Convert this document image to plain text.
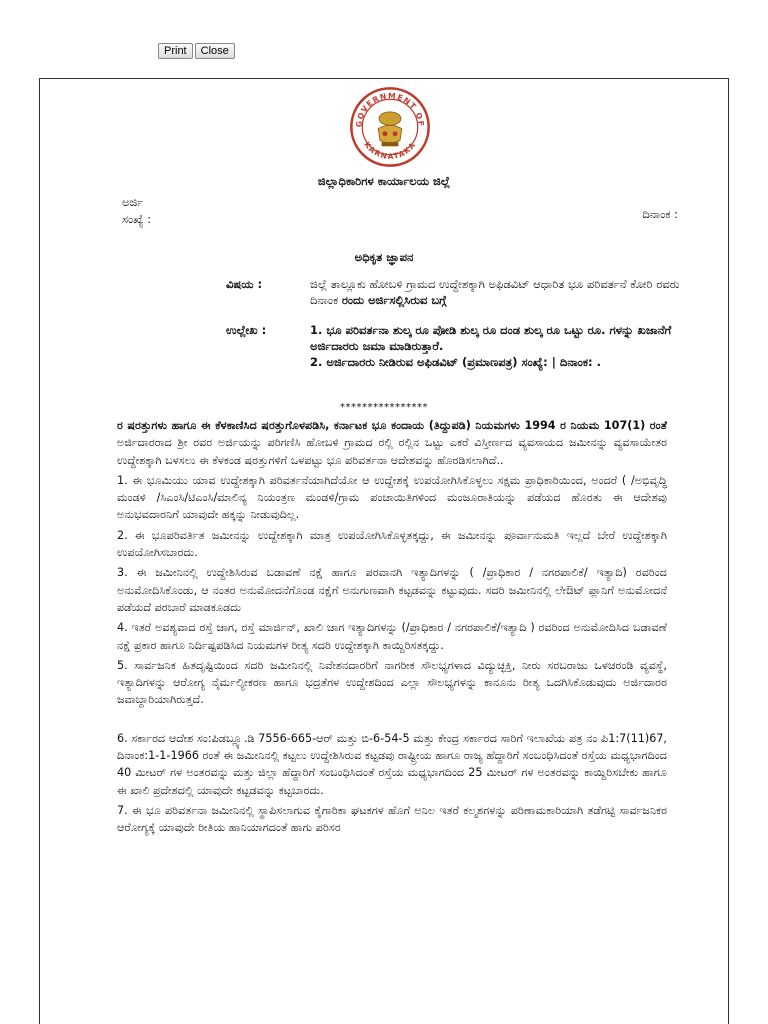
Print	Close
GOVERNMENT OF
KARNATAKA
ಜಿಲ್ಲಾಧಿಕಾರಿಗಳ ಕಾರ್ಯಾಲಯ ಜಿಲ್ಲೆ
ಅರ್ಜಿ ಸಂಖ್ಯೆ :	ದಿನಾಂಕ :
ಅಧಿಕೃತ ಜ್ಞಾಪನ
ವಿಷಯ :	ಜಿಲ್ಲೆ ತಾಲ್ಲೂಕು ಹೋಬಳಿ ಗ್ರಾಮದ ಉದ್ದೇಶಕ್ಕಾಗಿ ಅಫಿಡವಿಟ್ ಆಧಾರಿತ ಭೂ ಪರಿವರ್ತನೆ ಕೋರಿ ರವರು ದಿನಾಂಕ ರಂದು ಅರ್ಜಿಸಲ್ಲಿಸಿರುವ ಬಗ್ಗೆ
ಉಲ್ಲೇಖ :	1. ಭೂ ಪರಿವರ್ತನಾ ಶುಲ್ಕ ರೂ ಪೋಡಿ ಶುಲ್ಕ ರೂ ದಂಡ ಶುಲ್ಕ ರೂ ಒಟ್ಟು ರೂ. ಗಳನ್ನು ಖಜಾನೆಗೆ ಅರ್ಜಿದಾರರು ಜಮಾ ಮಾಡಿರುತ್ತಾರೆ.
2. ಅರ್ಜಿದಾರರು ನೀಡಿರುವ ಅಫಿಡವಿಟ್ (ಪ್ರಮಾಣಪತ್ರ) ಸಂಖ್ಯೆ: | ದಿನಾಂಕ: .
****************

ರ ಷರತ್ತುಗಳು ಹಾಗೂ ಈ ಕೆಳಕಾಣಿಸಿದ ಷರತ್ತುಗೊಳಪಡಿಸಿ, ಕರ್ನಾಟಕ ಭೂ ಕಂದಾಯ (ತಿದ್ದುಪಡಿ) ನಿಯಮಗಳು 1994 ರ ನಿಯಮ 107(1) ರಂತೆ ಅರ್ಜಿದಾರರಾದ ಶ್ರೀ ರವರ ಅರ್ಜಿಯನ್ನು ಪರಿಗಣಿಸಿ ಹೋಬಳಿ ಗ್ರಾಮದ ರಲ್ಲಿ ರಲ್ಲಿನ ಒಟ್ಟು ಎಕರೆ ವಿಸ್ತೀರ್ಣದ ವ್ಯವಸಾಯದ ಜಮೀನನ್ನು ವ್ಯವಸಾಯೇತರ ಉದ್ದೇಶಕ್ಕಾಗಿ ಬಳಸಲು ಈ ಕೆಳಕಂಡ ಷರತ್ತುಗಳಿಗೆ ಒಳಪಟ್ಟು ಭೂ ಪರಿವರ್ತನಾ ಆದೇಶವನ್ನು ಹೊರಡಿಸಲಾಗಿದೆ..

1. ಈ ಭೂಮಿಯು ಯಾವ ಉದ್ದೇಶಕ್ಕಾಗಿ ಪರಿವರ್ತನೆಯಾಗಿದೆಯೋ ಆ ಉದ್ದೇಶಕ್ಕೆ ಉಪಯೋಗಿಸಿಕೊಳ್ಳಲು ಸಕ್ಷಮ ಪ್ರಾಧಿಕಾರಿಯಿಂದ, ಅಂದರೆ ( /ಅಭಿವೃದ್ಧಿ ಮಂಡಳಿ /ಸಿಎಂಸಿ/ಟಿಎಂಸಿ/ಮಾಲಿನ್ಯ ನಿಯಂತ್ರಣ ಮಂಡಳಿ/ಗ್ರಾಮ ಪಂಚಾಯಿತಿಗಳಿಂದ ಮಂಜೂರಾತಿಯನ್ನು ಪಡೆಯದ ಹೊರತು ಈ ಆದೇಶವು ಅನುಭವದಾರನಿಗೆ ಯಾವುದೇ ಹಕ್ಕನ್ನು ನೀಡುವುದಿಲ್ಲ.

2. ಈ ಭೂಪರಿವರ್ತಿತ ಜಮೀನನ್ನು ಉದ್ದೇಶಕ್ಕಾಗಿ ಮಾತ್ರ ಉಪಯೋಗಿಸಿಕೊಳ್ಳತಕ್ಕದ್ದು, ಈ ಜಮೀನನ್ನು ಪೂರ್ವಾನುಮತಿ ಇಲ್ಲದೆ ಬೇರೆ ಉದ್ದೇಶಕ್ಕಾಗಿ ಉಪಯೋಗಿಸಬಾರದು.

3. ಈ ಜಮೀನಿನಲ್ಲಿ ಉದ್ದೇಶಿಸಿರುವ ಬಡಾವಣೆ ನಕ್ಷೆ ಹಾಗೂ ಪರವಾನಗಿ ಇತ್ಯಾದಿಗಳನ್ನು ( /ಪ್ರಾಧಿಕಾರ / ನಗರಪಾಲಿಕೆ/ ಇತ್ಯಾದಿ) ರವರಿಂದ ಅನುಮೋದಿಸಿಕೊಂಡು, ಆ ನಂತರ ಅನುಮೋದನೆಗೊಂಡ ನಕ್ಷೆಗೆ ಅನುಗುಣವಾಗಿ ಕಟ್ಟಡವನ್ನು ಕಟ್ಟುವುದು. ಸದರಿ ಜಮೀನಿನಲ್ಲಿ ಲೇಔಟ್ ಪ್ಲಾನಿಗೆ ಅನುಮೋದನೆ ಪಡೆಯದೆ ಪರಬಾರೆ ಮಾಡಕೂಡದು

4. ಇತರೆ ಅವಶ್ಯವಾದ ರಸ್ತೆ ಜಾಗ, ರಸ್ತೆ ಮಾರ್ಜಿನ್, ಖಾಲಿ ಜಾಗ ಇತ್ಯಾದಿಗಳನ್ನು (/ಪ್ರಾಧಿಕಾರ / ನಗರಪಾಲಿಕೆ/ಇತ್ಯಾದಿ ) ರವರಿಂದ ಅನುಮೋದಿಸಿದ ಬಡಾವಣೆ ನಕ್ಷೆ ಪ್ರಕಾರ ಹಾಗೂ ನಿರ್ದಿಷ್ಟಪಡಿಸಿದ ನಿಯಮಗಳ ರೀತ್ಯ ಸದರಿ ಉದ್ದೇಶಕ್ಕಾಗಿ ಕಾಯ್ದಿರಿಸತಕ್ಕದ್ದು.

5. ಸಾರ್ವಜನಿಕ ಹಿತದೃಷ್ಟಿಯಿಂದ ಸದರಿ ಜಮೀನಿನಲ್ಲಿ ನಿವೇಶನದಾರರಿಗೆ ನಾಗರೀಕ ಸೌಲಭ್ಯಗಳಾದ ವಿದ್ಯುಚ್ಛಕ್ತಿ, ನೀರು ಸರಬರಾಜು ಒಳಚರಂಡಿ ವ್ಯವಸ್ಥೆ, ಇತ್ಯಾದಿಗಳನ್ನು ಆರೋಗ್ಯ ನೈರ್ಮಲ್ಯೀಕರಣ ಹಾಗೂ ಭದ್ರತೆಗಳ ಉದ್ದೇಶದಿಂದ ಎಲ್ಲಾ ಸೌಲಭ್ಯಗಳನ್ನು ಕಾನೂನು ರೀತ್ಯ ಒದಗಿಸಿಕೊಡುವುದು ಅರ್ಜಿದಾರರ ಜವಾಬ್ದಾರಿಯಾಗಿರುತ್ತದೆ.

6. ಸರ್ಕಾರದ ಆದೇಶ ಸಂ:ಪಿಡಬ್ಲ್ಯೂ.ಡಿ 7556-665-ಆರ್ ಮತ್ತು ಬಿ-6-54-5 ಮತ್ತು ಕೇಂದ್ರ ಸರ್ಕಾರದ ಸಾರಿಗೆ ಇಲಾಖೆಯ ಪತ್ರ ನಂ ಪಿ1:7(11)67, ದಿನಾಂಕ:1-1-1966 ರಂತೆ ಈ ಜಮೀನಿನಲ್ಲಿ ಕಟ್ಟಲು ಉದ್ದೇಶಿಸಿರುವ ಕಟ್ಟಡವು ರಾಷ್ಟ್ರೀಯ ಹಾಗೂ ರಾಜ್ಯ ಹೆದ್ದಾರಿಗೆ ಸಂಬಂಧಿಸಿದಂತೆ ರಸ್ತೆಯ ಮಧ್ಯಭಾಗದಿಂದ 40 ಮೀಟರ್ ಗಳ ಅಂತರವನ್ನು ಮತ್ತು ಜಿಲ್ಲಾ ಹೆದ್ದಾರಿಗೆ ಸಂಬಂಧಿಸಿದಂತೆ ರಸ್ತೆಯ ಮಧ್ಯಭಾಗದಿಂದ 25 ಮೀಟರ್ ಗಳ ಅಂತರವನ್ನು ಕಾಯ್ದಿರಿಸಬೇಕು ಹಾಗೂ ಈ ಖಾಲಿ ಪ್ರದೇಶದಲ್ಲಿ ಯಾವುದೇ ಕಟ್ಟಡವನ್ನು ಕಟ್ಟಬಾರದು.

7. ಈ ಭೂ ಪರಿವರ್ತನಾ ಜಮೀನಿನಲ್ಲಿ ಸ್ಥಾಪಿಸಲಾಗುವ ಕೈಗಾರಿಕಾ ಘಟಕಗಳ ಹೊಗೆ ಅನಿಲ ಇತರೆ ಕಲ್ಮಶಗಳನ್ನು ಪರಿಣಾಮಕಾರಿಯಾಗಿ ತಡೆಗಟ್ಟಿ ಸಾರ್ವಜನಿಕರ ಆರೋಗ್ಯಕ್ಕೆ ಯಾವುದೇ ರೀತಿಯ ಹಾನಿಯಾಗದಂತೆ ಹಾಗು ಪರಿಸರ
